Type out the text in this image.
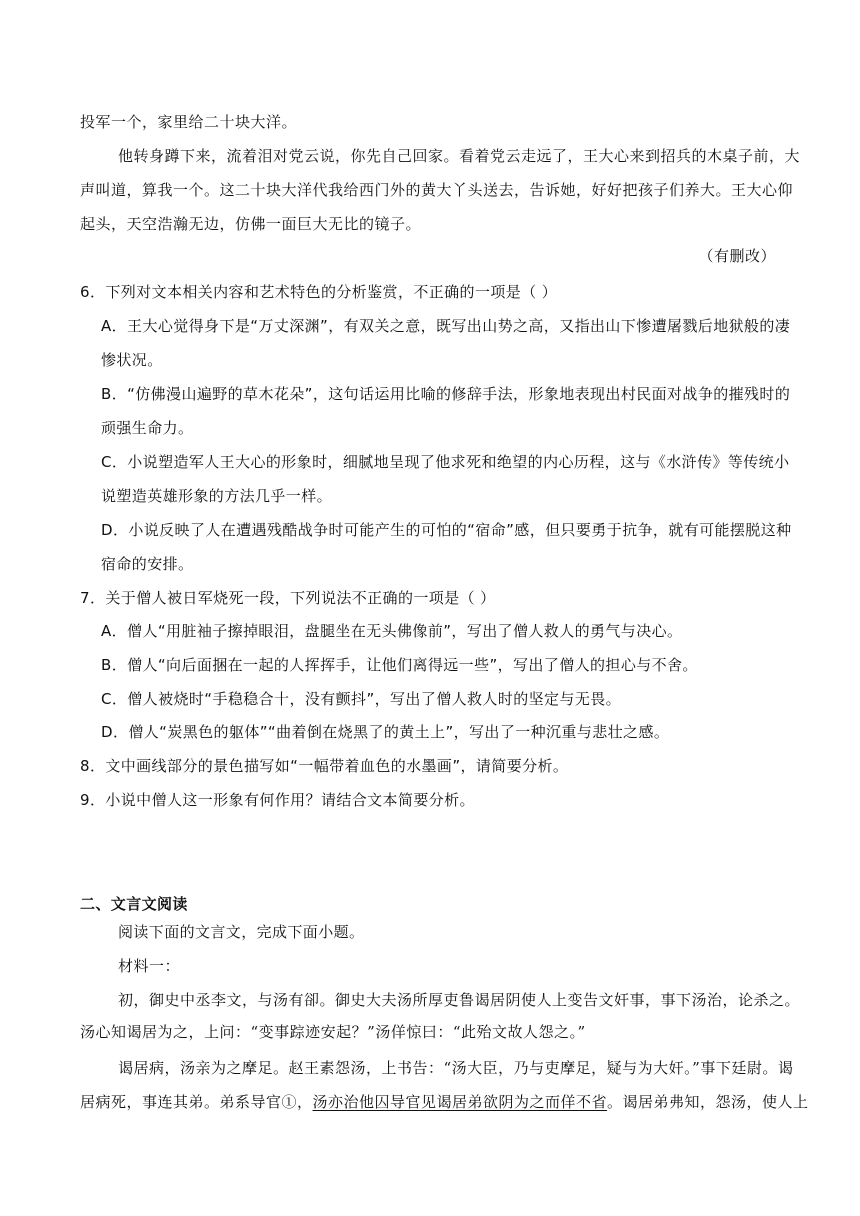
投军一个，家里给二十块大洋。
他转身蹲下来，流着泪对党云说，你先自己回家。看着党云走远了，王大心来到招兵的木桌子前，大
声叫道，算我一个。这二十块大洋代我给西门外的黄大丫头送去，告诉她，好好把孩子们养大。王大心仰
起头，天空浩瀚无边，仿佛一面巨大无比的镜子。
（有删改）
6．下列对文本相关内容和艺术特色的分析鉴赏，不正确的一项是（ ）
A．王大心觉得身下是“万丈深渊”，有双关之意，既写出山势之高，又指出山下惨遭屠戮后地狱般的凄
惨状况。
B．“仿佛漫山遍野的草木花朵”，这句话运用比喻的修辞手法，形象地表现出村民面对战争的摧残时的
顽强生命力。
C．小说塑造军人王大心的形象时，细腻地呈现了他求死和绝望的内心历程，这与《水浒传》等传统小
说塑造英雄形象的方法几乎一样。
D．小说反映了人在遭遇残酷战争时可能产生的可怕的“宿命”感，但只要勇于抗争，就有可能摆脱这种
宿命的安排。
7．关于僧人被日军烧死一段，下列说法不正确的一项是（ ）
A．僧人“用脏袖子擦掉眼泪，盘腿坐在无头佛像前”，写出了僧人救人的勇气与决心。
B．僧人“向后面捆在一起的人挥挥手，让他们离得远一些”，写出了僧人的担心与不舍。
C．僧人被烧时“手稳稳合十，没有颤抖”，写出了僧人救人时的坚定与无畏。
D．僧人“炭黑色的躯体”“曲着倒在烧黑了的黄土上”，写出了一种沉重与悲壮之感。
8．文中画线部分的景色描写如“一幅带着血色的水墨画”，请简要分析。
9．小说中僧人这一形象有何作用？请结合文本简要分析。
二、文言文阅读
阅读下面的文言文，完成下面小题。
材料一：
初，御史中丞李文，与汤有卻。御史大夫汤所厚吏鲁谒居阴使人上变告文奸事，事下汤治，论杀之。
汤心知谒居为之，上问：“变事踪迹安起？”汤佯惊曰：“此殆文故人怨之。”
谒居病，汤亲为之摩足。赵王素怨汤，上书告：“汤大臣，乃与吏摩足，疑与为大奸。”事下廷尉。谒
居病死，事连其弟。弟系导官①，汤亦治他囚导官见谒居弟欲阴为之而佯不省。谒居弟弗知，怨汤，使人上
